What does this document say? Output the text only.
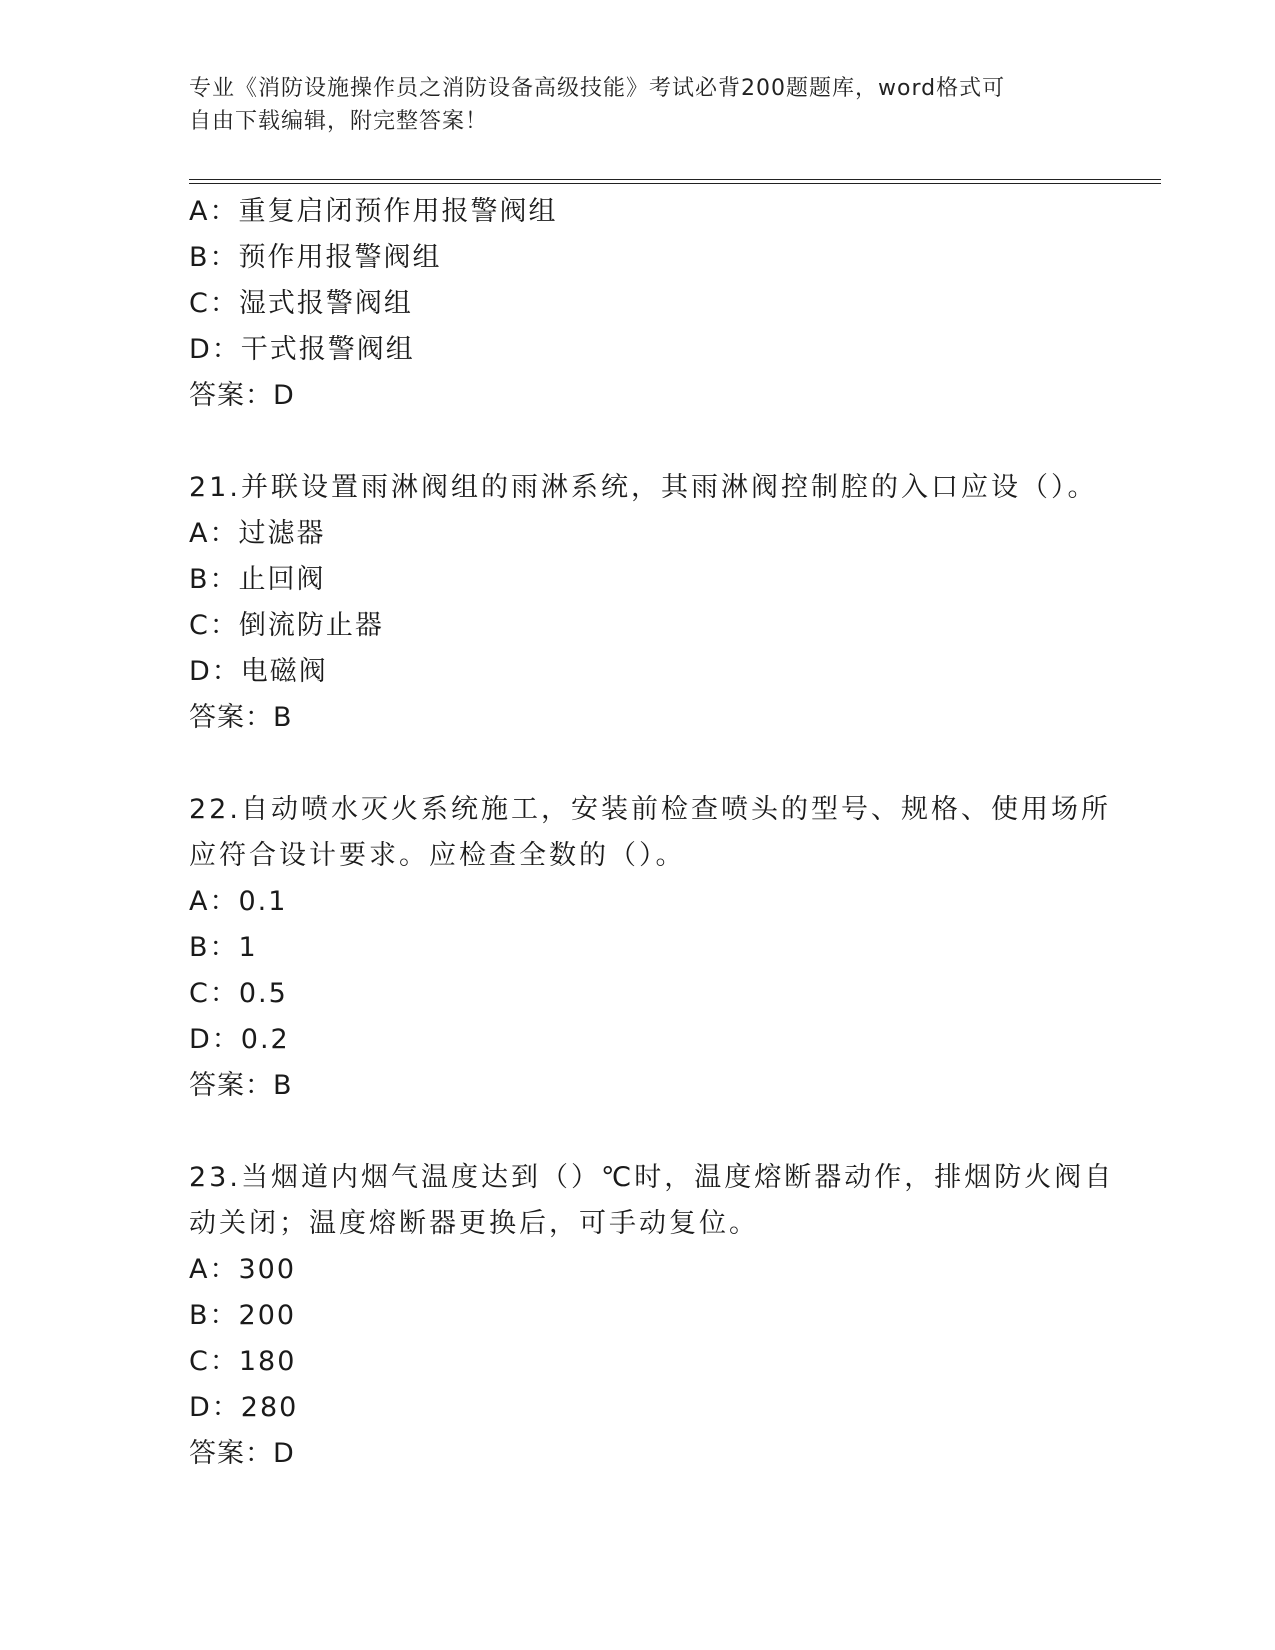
专业《消防设施操作员之消防设备高级技能》考试必背200题题库，word格式可
自由下载编辑，附完整答案！
A：重复启闭预作用报警阀组
B：预作用报警阀组
C：湿式报警阀组
D：干式报警阀组
答案：D
21.并联设置雨淋阀组的雨淋系统，其雨淋阀控制腔的入口应设（）。
A：过滤器
B：止回阀
C：倒流防止器
D：电磁阀
答案：B
22.自动喷水灭火系统施工，安装前检查喷头的型号、规格、使用场所
应符合设计要求。应检查全数的（）。
A：0.1
B：1
C：0.5
D：0.2
答案：B
23.当烟道内烟气温度达到（）℃时，温度熔断器动作，排烟防火阀自
动关闭；温度熔断器更换后，可手动复位。
A：300
B：200
C：180
D：280
答案：D
